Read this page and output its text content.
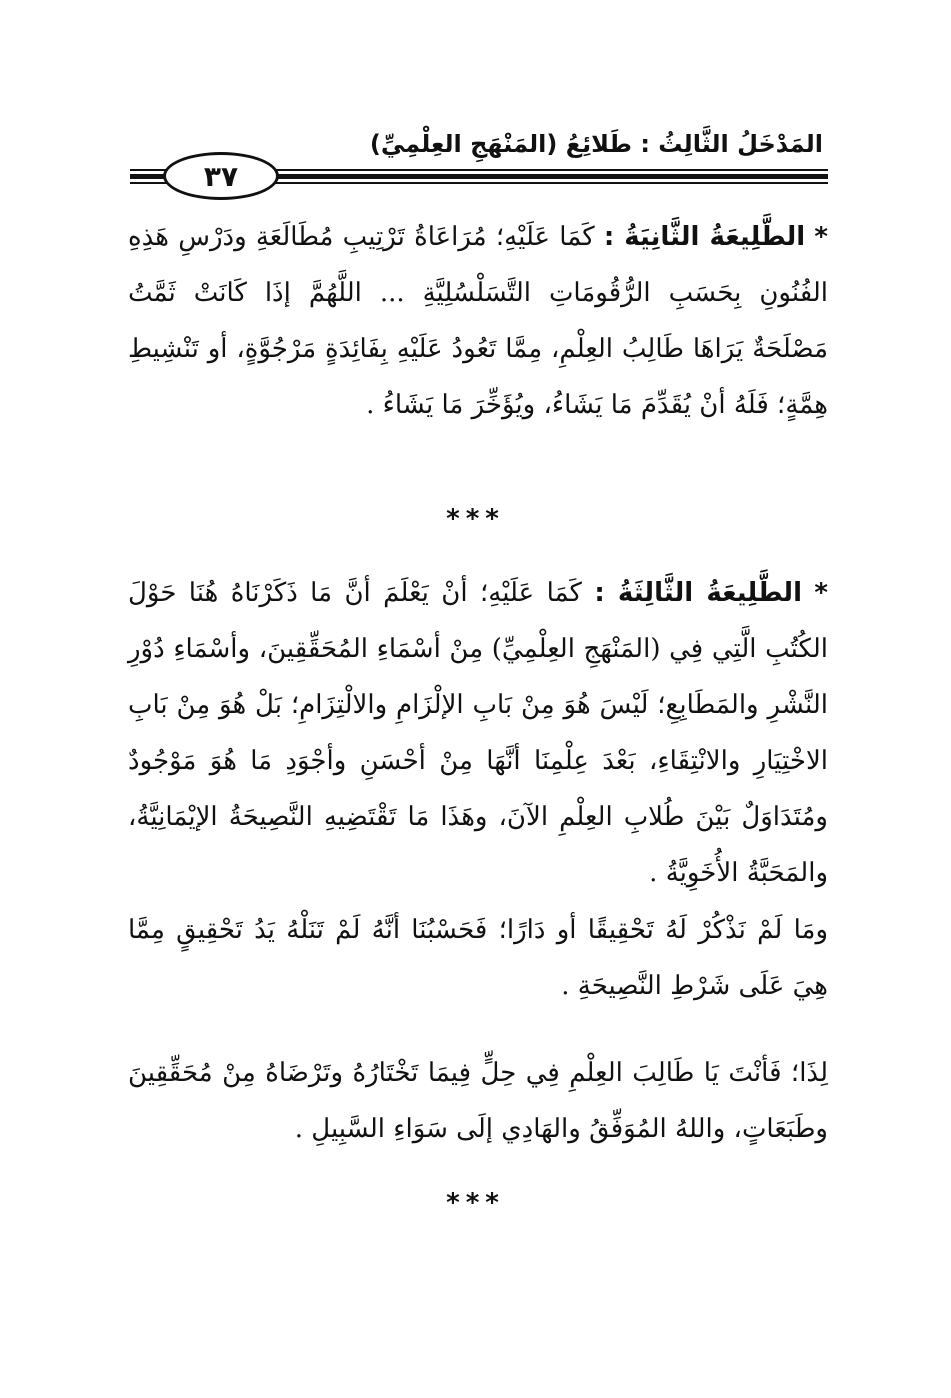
المَدْخَلُ الثَّالِثُ : طَلائِعُ (المَنْهَجِ العِلْمِيِّ)
٣٧

* الطَّلِيعَةُ الثَّانِيَةُ : كَمَا عَلَيْهِ؛ مُرَاعَاةُ تَرْتِيبِ مُطَالَعَةِ ودَرْسِ هَذِهِ الفُنُونِ بِحَسَبِ الرُّقُومَاتِ التَّسَلْسُلِيَّةِ ... اللَّهُمَّ إذَا كَانَتْ ثَمَّتُ مَصْلَحَةٌ يَرَاهَا طَالِبُ العِلْمِ، مِمَّا تَعُودُ عَلَيْهِ بِفَائِدَةٍ مَرْجُوَّةٍ، أو تَنْشِيطِ هِمَّةٍ؛ فَلَهُ أنْ يُقَدِّمَ مَا يَشَاءُ، ويُؤَخِّرَ مَا يَشَاءُ .

***

* الطَّلِيعَةُ الثَّالِثَةُ : كَمَا عَلَيْهِ؛ أنْ يَعْلَمَ أنَّ مَا ذَكَرْنَاهُ هُنَا حَوْلَ الكُتُبِ الَّتِي فِي (المَنْهَجِ العِلْمِيِّ) مِنْ أسْمَاءِ المُحَقِّقِينَ، وأسْمَاءِ دُوْرِ النَّشْرِ والمَطَابِعِ؛ لَيْسَ هُوَ مِنْ بَابِ الإلْزَامِ والالْتِزَامِ؛ بَلْ هُوَ مِنْ بَابِ الاخْتِيَارِ والانْتِقَاءِ، بَعْدَ عِلْمِنَا أنَّهَا مِنْ أحْسَنِ وأجْوَدِ مَا هُوَ مَوْجُودٌ ومُتَدَاوَلٌ بَيْنَ طُلابِ العِلْمِ الآنَ، وهَذَا مَا تَقْتَضِيهِ النَّصِيحَةُ الإيْمَانِيَّةُ، والمَحَبَّةُ الأُخَوِيَّةُ .

ومَا لَمْ نَذْكُرْ لَهُ تَحْقِيقًا أو دَارًا؛ فَحَسْبُنَا أنَّهُ لَمْ تَنَلْهُ يَدُ تَحْقِيقٍ مِمَّا هِيَ عَلَى شَرْطِ النَّصِيحَةِ .

لِذَا؛ فَأنْتَ يَا طَالِبَ العِلْمِ فِي حِلٍّ فِيمَا تَخْتَارُهُ وتَرْضَاهُ مِنْ مُحَقِّقِينَ وطَبَعَاتٍ، واللهُ المُوَفِّقُ والهَادِي إلَى سَوَاءِ السَّبِيلِ .

***
